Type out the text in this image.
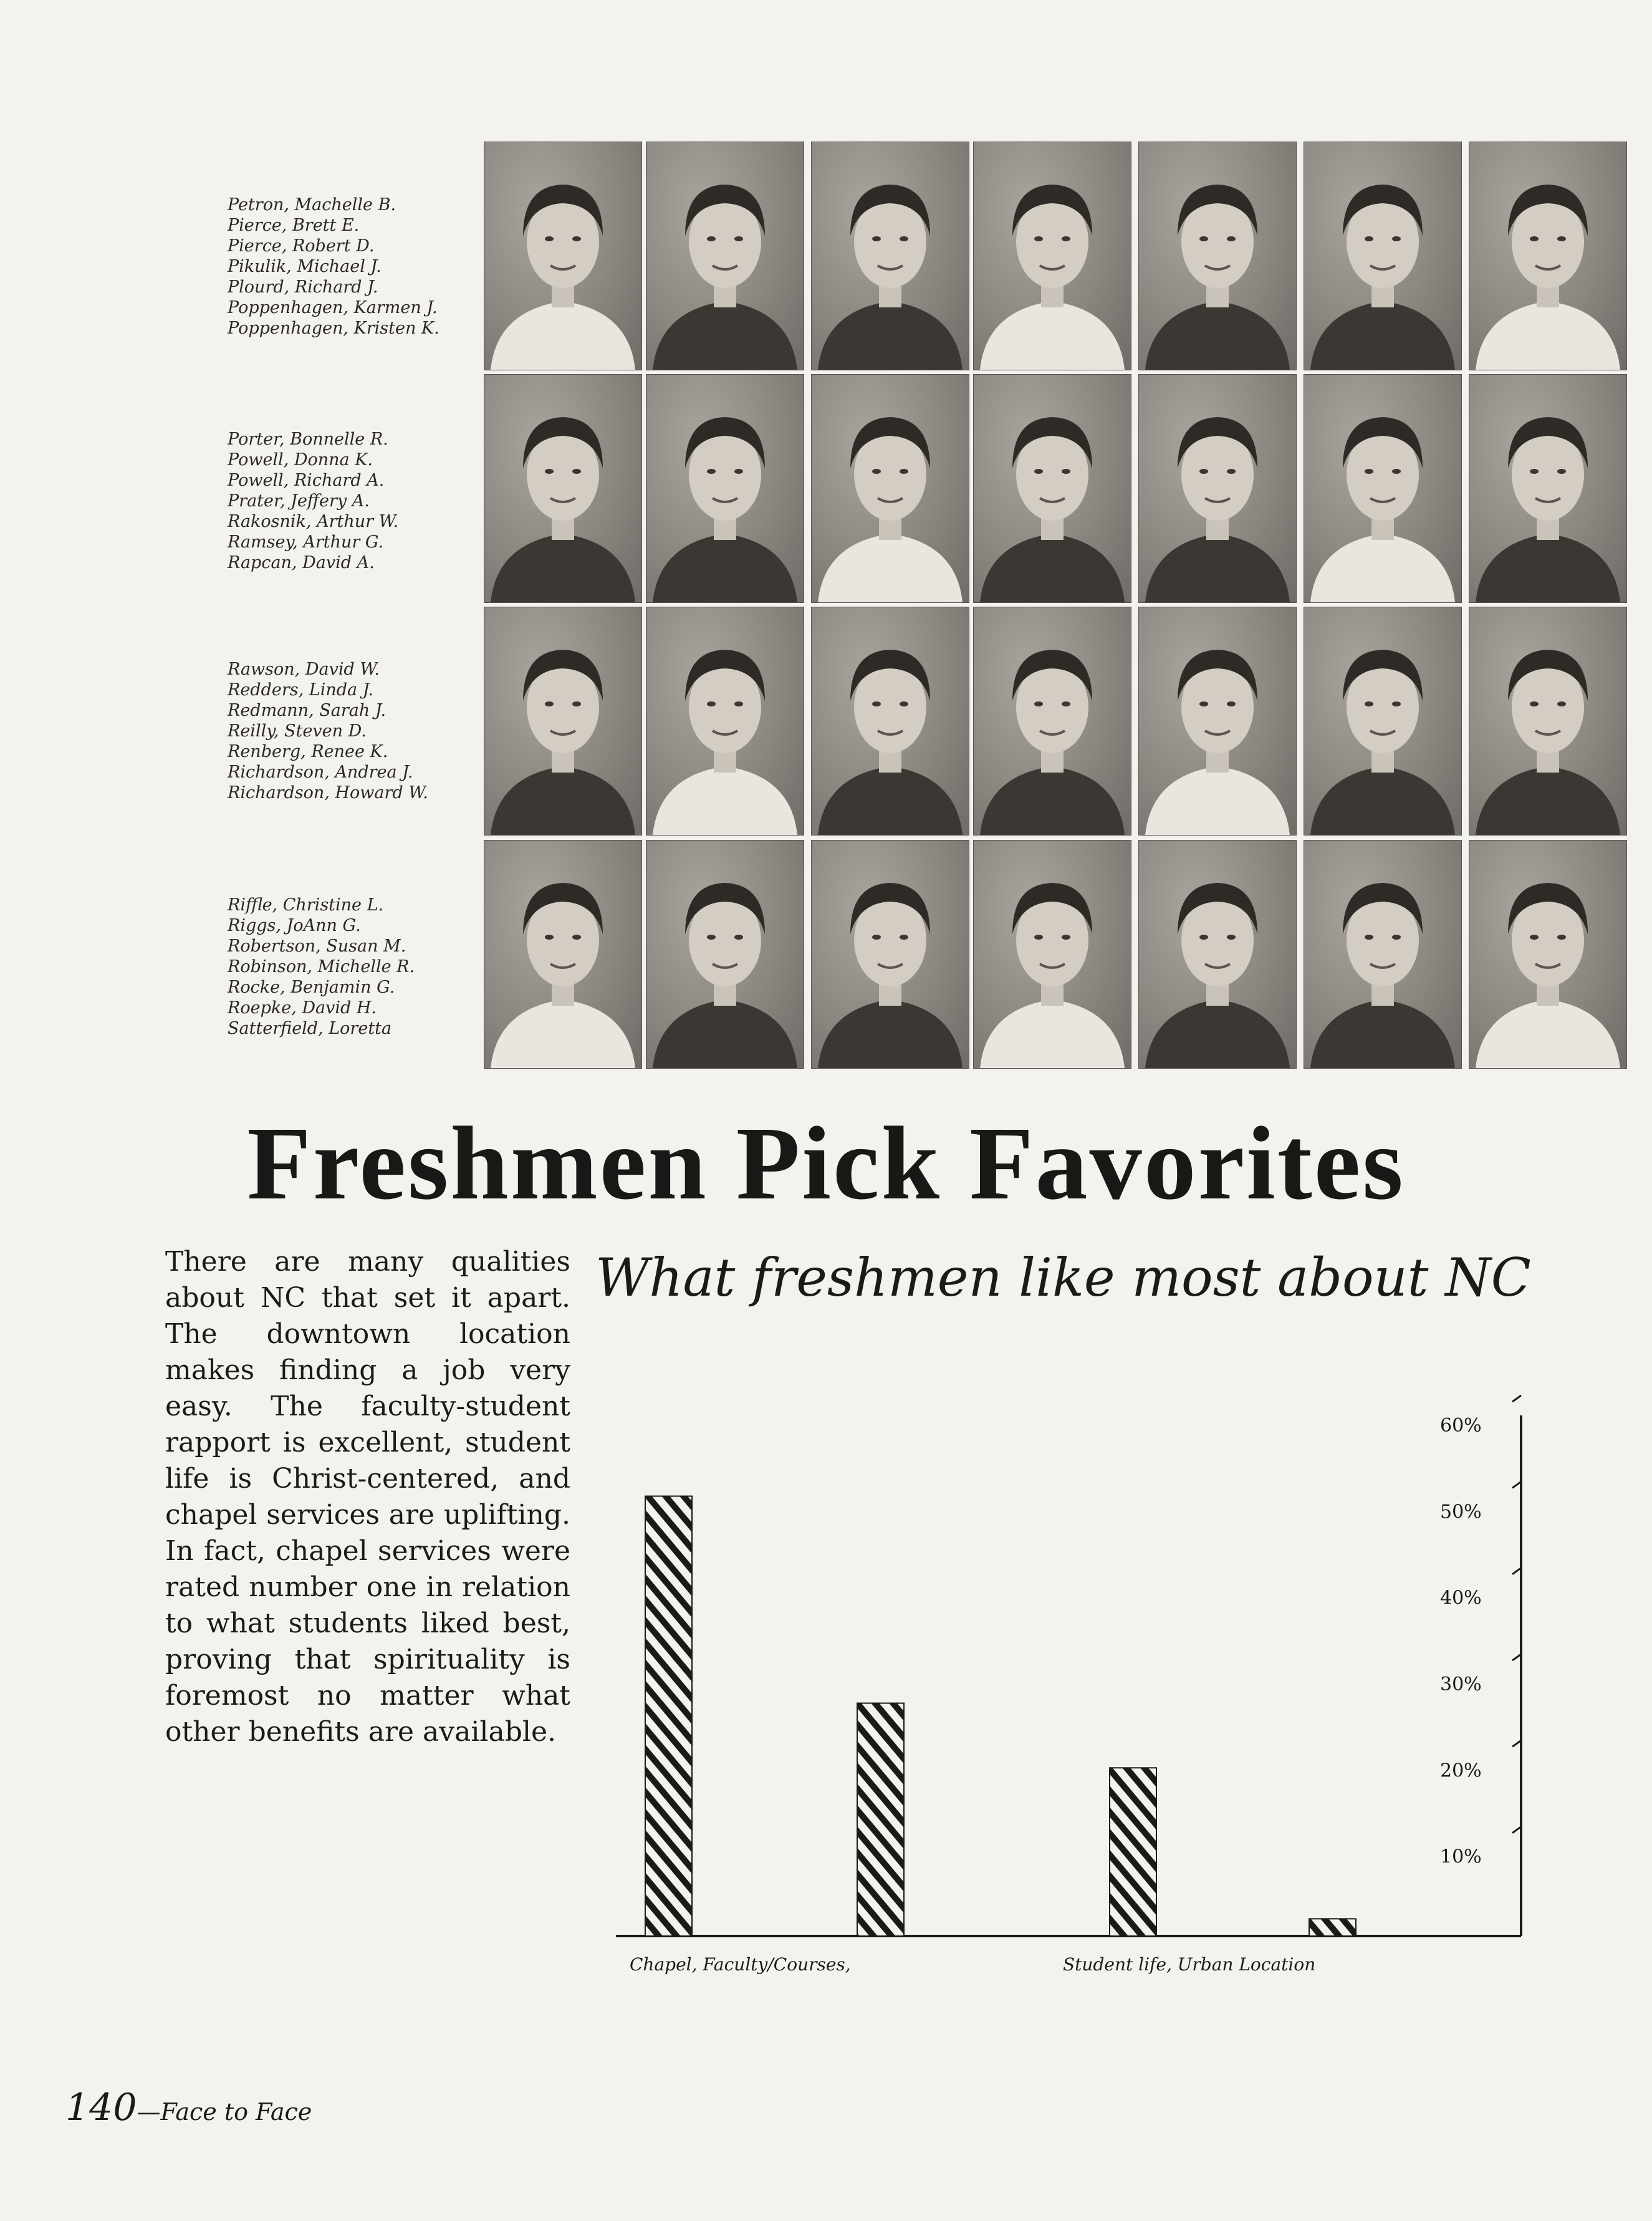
Petron, Machelle B.
Pierce, Brett E.
Pierce, Robert D.
Pikulik, Michael J.
Plourd, Richard J.
Poppenhagen, Karmen J.
Poppenhagen, Kristen K.
Porter, Bonnelle R.
Powell, Donna K.
Powell, Richard A.
Prater, Jeffery A.
Rakosnik, Arthur W.
Ramsey, Arthur G.
Rapcan, David A.
Rawson, David W.
Redders, Linda J.
Redmann, Sarah J.
Reilly, Steven D.
Renberg, Renee K.
Richardson, Andrea J.
Richardson, Howard W.
Riffle, Christine L.
Riggs, JoAnn G.
Robertson, Susan M.
Robinson, Michelle R.
Rocke, Benjamin G.
Roepke, David H.
Satterfield, Loretta
Freshmen Pick Favorites
There are many qualities about NC that set it apart. The downtown location makes finding a job very easy. The faculty-student rapport is excellent, student life is Christ-centered, and chapel services are uplifting. In fact, chapel services were rated number one in relation to what students liked best, proving that spirituality is foremost no matter what other benefits are available.
What freshmen like most about NC
10%
20%
30%
40%
50%
60%
Chapel, Faculty/Courses,	Student life, Urban Location
140—Face to Face
